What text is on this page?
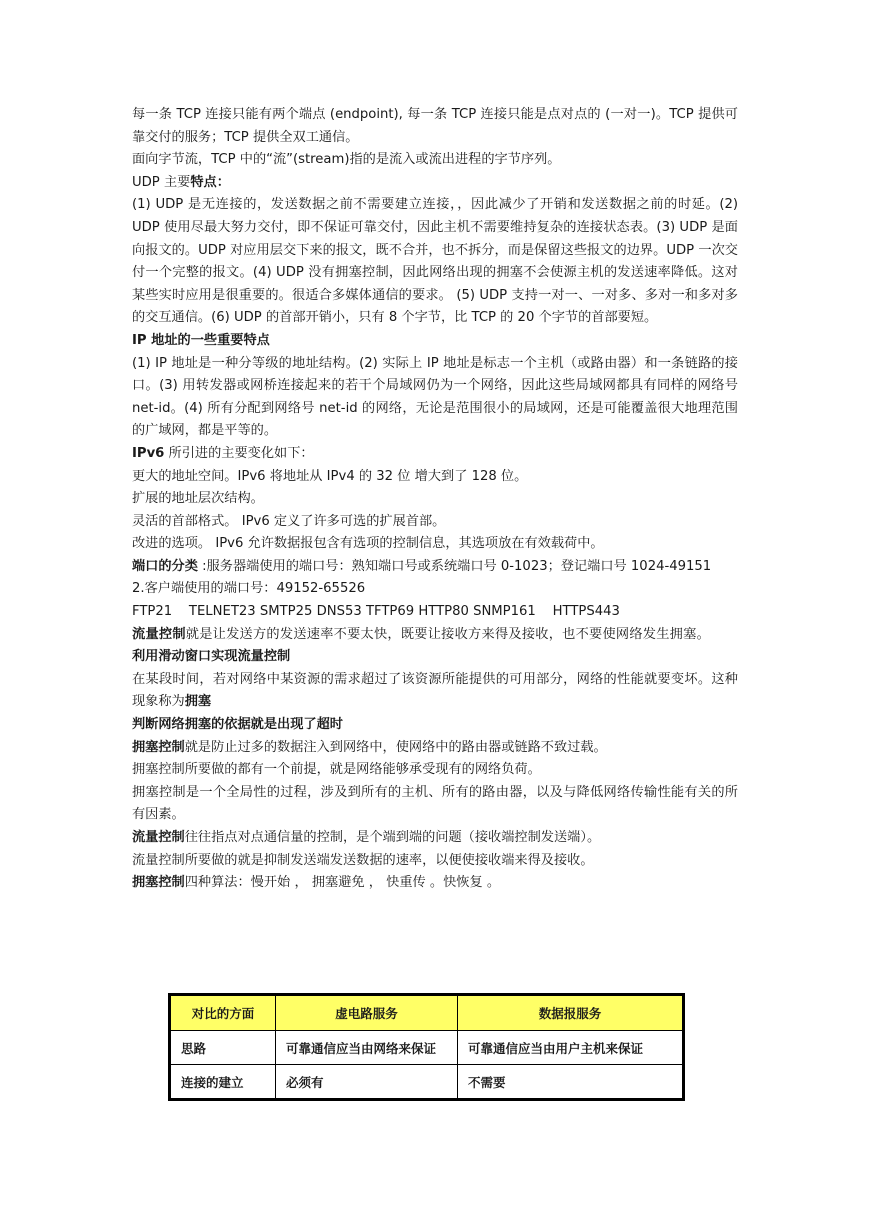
每一条 TCP 连接只能有两个端点 (endpoint), 每一条 TCP 连接只能是点对点的 (一对一)。TCP 提供可靠交付的服务；TCP 提供全双工通信。

面向字节流，TCP 中的“流”(stream)指的是流入或流出进程的字节序列。

UDP 主要特点：

(1) UDP 是无连接的，发送数据之前不需要建立连接，，因此减少了开销和发送数据之前的时延。(2) UDP 使用尽最大努力交付，即不保证可靠交付，因此主机不需要维持复杂的连接状态表。(3) UDP 是面向报文的。UDP 对应用层交下来的报文，既不合并，也不拆分，而是保留这些报文的边界。UDP 一次交付一个完整的报文。(4) UDP 没有拥塞控制，因此网络出现的拥塞不会使源主机的发送速率降低。这对某些实时应用是很重要的。很适合多媒体通信的要求。 (5) UDP 支持一对一、一对多、多对一和多对多的交互通信。(6) UDP 的首部开销小，只有 8 个字节，比 TCP 的 20 个字节的首部要短。

IP 地址的一些重要特点

(1) IP 地址是一种分等级的地址结构。(2) 实际上 IP 地址是标志一个主机（或路由器）和一条链路的接口。(3) 用转发器或网桥连接起来的若干个局域网仍为一个网络，因此这些局域网都具有同样的网络号 net-id。(4) 所有分配到网络号 net-id 的网络，无论是范围很小的局域网，还是可能覆盖很大地理范围的广域网，都是平等的。

IPv6 所引进的主要变化如下：

更大的地址空间。IPv6 将地址从 IPv4 的 32 位 增大到了 128 位。

扩展的地址层次结构。

灵活的首部格式。 IPv6 定义了许多可选的扩展首部。

改进的选项。 IPv6 允许数据报包含有选项的控制信息，其选项放在有效载荷中。

端口的分类 :服务器端使用的端口号：熟知端口号或系统端口号 0-1023；登记端口号 1024-49151

2.客户端使用的端口号：49152-65526

FTP21    TELNET23 SMTP25 DNS53 TFTP69 HTTP80 SNMP161    HTTPS443

流量控制就是让发送方的发送速率不要太快，既要让接收方来得及接收，也不要使网络发生拥塞。利用滑动窗口实现流量控制

在某段时间，若对网络中某资源的需求超过了该资源所能提供的可用部分，网络的性能就要变坏。这种现象称为拥塞

判断网络拥塞的依据就是出现了超时

拥塞控制就是防止过多的数据注入到网络中，使网络中的路由器或链路不致过载。

拥塞控制所要做的都有一个前提，就是网络能够承受现有的网络负荷。

拥塞控制是一个全局性的过程，涉及到所有的主机、所有的路由器，以及与降低网络传输性能有关的所有因素。

流量控制往往指点对点通信量的控制，是个端到端的问题（接收端控制发送端）。

流量控制所要做的就是抑制发送端发送数据的速率，以便使接收端来得及接收。

拥塞控制四种算法：慢开始 ， 拥塞避免 ， 快重传 。快恢复 。

对比的方面	虚电路服务	数据报服务
思路	可靠通信应当由网络来保证	可靠通信应当由用户主机来保证
连接的建立	必须有	不需要
